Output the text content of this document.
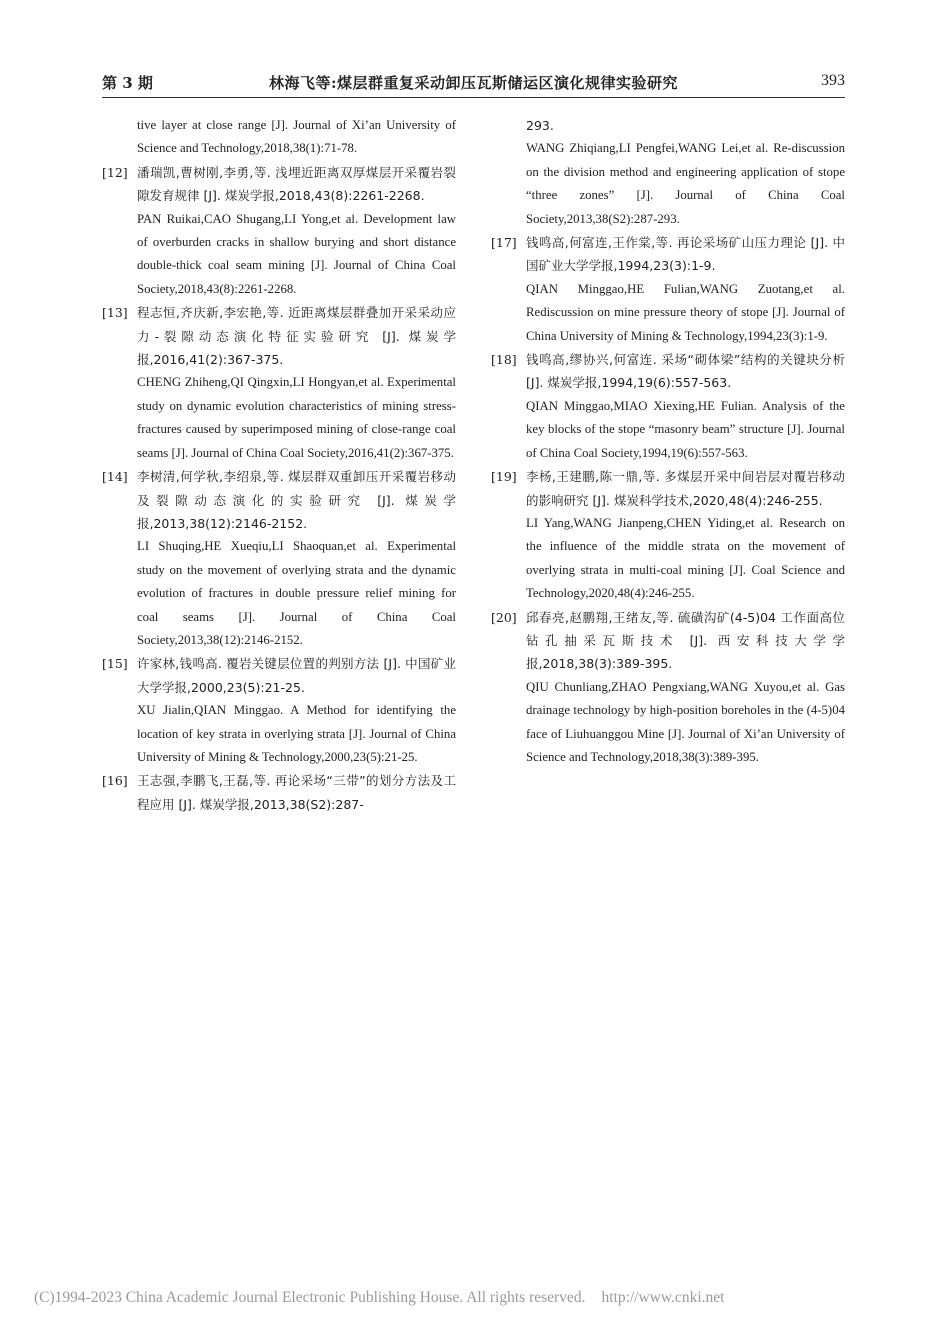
第 3 期	林海飞等:煤层群重复采动卸压瓦斯储运区演化规律实验研究	393
tive layer at close range [J]. Journal of Xi’an University of Science and Technology,2018,38(1):71-78.
[12] 潘瑞凯,曹树刚,李勇,等. 浅埋近距离双厚煤层开采覆岩裂隙发育规律 [J]. 煤炭学报,2018,43(8):2261-2268.
PAN Ruikai,CAO Shugang,LI Yong,et al. Development law of overburden cracks in shallow burying and short distance double-thick coal seam mining [J]. Journal of China Coal Society,2018,43(8):2261-2268.
[13] 程志恒,齐庆新,李宏艳,等. 近距离煤层群叠加开采采动应力-裂隙动态演化特征实验研究 [J]. 煤炭学报,2016,41(2):367-375.
CHENG Zhiheng,QI Qingxin,LI Hongyan,et al. Experimental study on dynamic evolution characteristics of mining stress-fractures caused by superimposed mining of close-range coal seams [J]. Journal of China Coal Society,2016,41(2):367-375.
[14] 李树清,何学秋,李绍泉,等. 煤层群双重卸压开采覆岩移动及裂隙动态演化的实验研究 [J]. 煤炭学报,2013,38(12):2146-2152.
LI Shuqing,HE Xueqiu,LI Shaoquan,et al. Experimental study on the movement of overlying strata and the dynamic evolution of fractures in double pressure relief mining for coal seams [J]. Journal of China Coal Society,2013,38(12):2146-2152.
[15] 许家林,钱鸣高. 覆岩关键层位置的判别方法 [J]. 中国矿业大学学报,2000,23(5):21-25.
XU Jialin,QIAN Minggao. A Method for identifying the location of key strata in overlying strata [J]. Journal of China University of Mining & Technology,2000,23(5):21-25.
[16] 王志强,李鹏飞,王磊,等. 再论采场“三带”的划分方法及工程应用 [J]. 煤炭学报,2013,38(S2):287-
293.
WANG Zhiqiang,LI Pengfei,WANG Lei,et al. Re-discussion on the division method and engineering application of stope “three zones” [J]. Journal of China Coal Society,2013,38(S2):287-293.
[17] 钱鸣高,何富连,王作棠,等. 再论采场矿山压力理论 [J]. 中国矿业大学学报,1994,23(3):1-9.
QIAN Minggao,HE Fulian,WANG Zuotang,et al. Rediscussion on mine pressure theory of stope [J]. Journal of China University of Mining & Technology,1994,23(3):1-9.
[18] 钱鸣高,缪协兴,何富连. 采场“砌体梁”结构的关键块分析 [J]. 煤炭学报,1994,19(6):557-563.
QIAN Minggao,MIAO Xiexing,HE Fulian. Analysis of the key blocks of the stope “masonry beam” structure [J]. Journal of China Coal Society,1994,19(6):557-563.
[19] 李杨,王建鹏,陈一鼎,等. 多煤层开采中间岩层对覆岩移动的影响研究 [J]. 煤炭科学技术,2020,48(4):246-255.
LI Yang,WANG Jianpeng,CHEN Yiding,et al. Research on the influence of the middle strata on the movement of overlying strata in multi-coal mining [J]. Coal Science and Technology,2020,48(4):246-255.
[20] 邱春亮,赵鹏翔,王绪友,等. 硫磺沟矿(4-5)04 工作面高位钻孔抽采瓦斯技术 [J]. 西安科技大学学报,2018,38(3):389-395.
QIU Chunliang,ZHAO Pengxiang,WANG Xuyou,et al. Gas drainage technology by high-position boreholes in the (4-5)04 face of Liuhuanggou Mine [J]. Journal of Xi’an University of Science and Technology,2018,38(3):389-395.
(C)1994-2023 China Academic Journal Electronic Publishing House. All rights reserved. http://www.cnki.net
